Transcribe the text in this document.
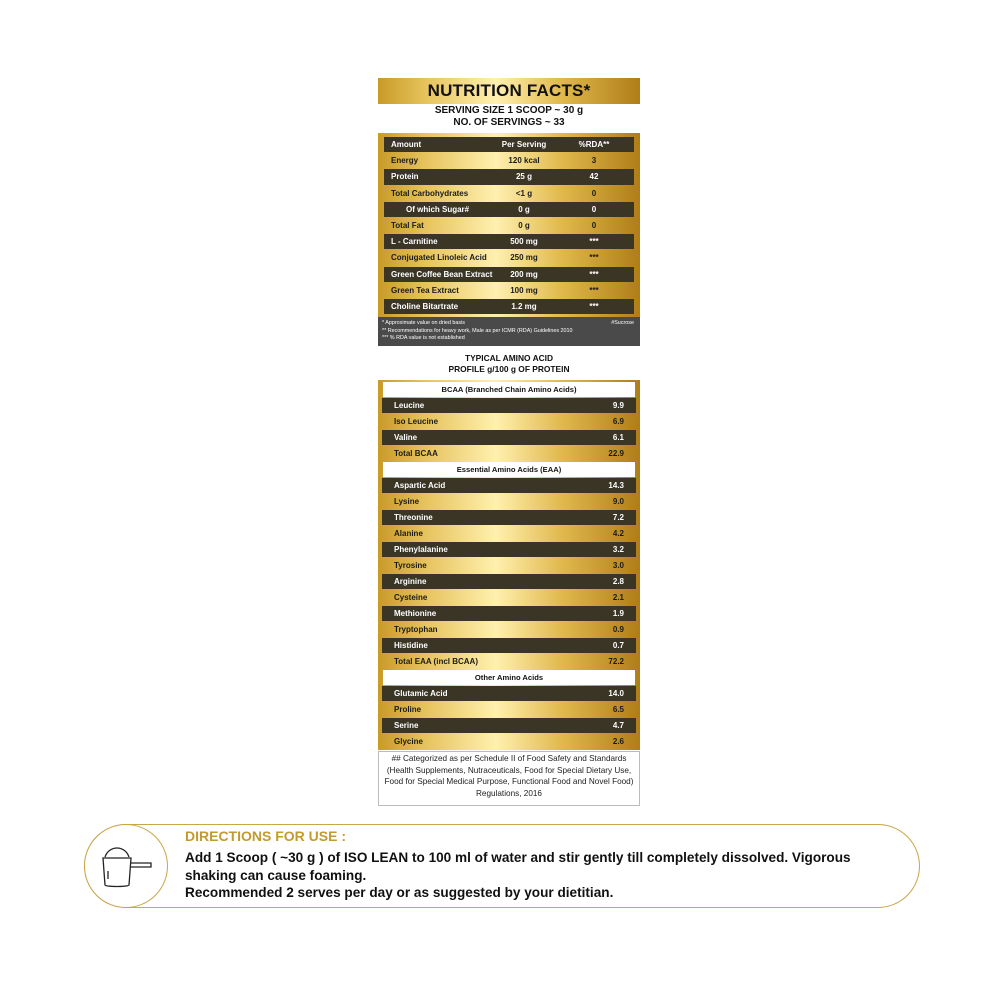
NUTRITION FACTS*
SERVING SIZE 1 SCOOP ~ 30 g
NO. OF SERVINGS ~ 33
Amount	Per Serving	%RDA**
Energy	120 kcal	3
Protein	25 g	42
Total Carbohydrates	<1 g	0
Of which Sugar#	0 g	0
Total Fat	0 g	0
L - Carnitine	500 mg	***
Conjugated Linoleic Acid	250 mg	***
Green Coffee Bean Extract	200 mg	***
Green Tea Extract	100 mg	***
Choline Bitartrate	1.2 mg	***
* Approximate value on dried basis
** Recommendations for heavy work, Male as per ICMR (RDA) Guidelines 2010
*** % RDA value is not established
#Sucrose
TYPICAL AMINO ACID
PROFILE g/100 g OF PROTEIN
BCAA (Branched Chain Amino Acids)
Leucine	9.9
Iso Leucine	6.9
Valine	6.1
Total BCAA	22.9
Essential Amino Acids (EAA)
Aspartic Acid	14.3
Lysine	9.0
Threonine	7.2
Alanine	4.2
Phenylalanine	3.2
Tyrosine	3.0
Arginine	2.8
Cysteine	2.1
Methionine	1.9
Tryptophan	0.9
Histidine	0.7
Total EAA (incl BCAA)	72.2
Other Amino Acids
Glutamic Acid	14.0
Proline	6.5
Serine	4.7
Glycine	2.6
## Categorized as per Schedule II of Food Safety and Standards (Health Supplements, Nutraceuticals, Food for Special Dietary Use, Food for Special Medical Purpose, Functional Food and Novel Food) Regulations, 2016
DIRECTIONS FOR USE :
Add 1 Scoop ( ~30 g ) of ISO LEAN to 100 ml of water and stir gently till completely dissolved. Vigorous shaking can cause foaming.
Recommended 2 serves per day or as suggested by your dietitian.
